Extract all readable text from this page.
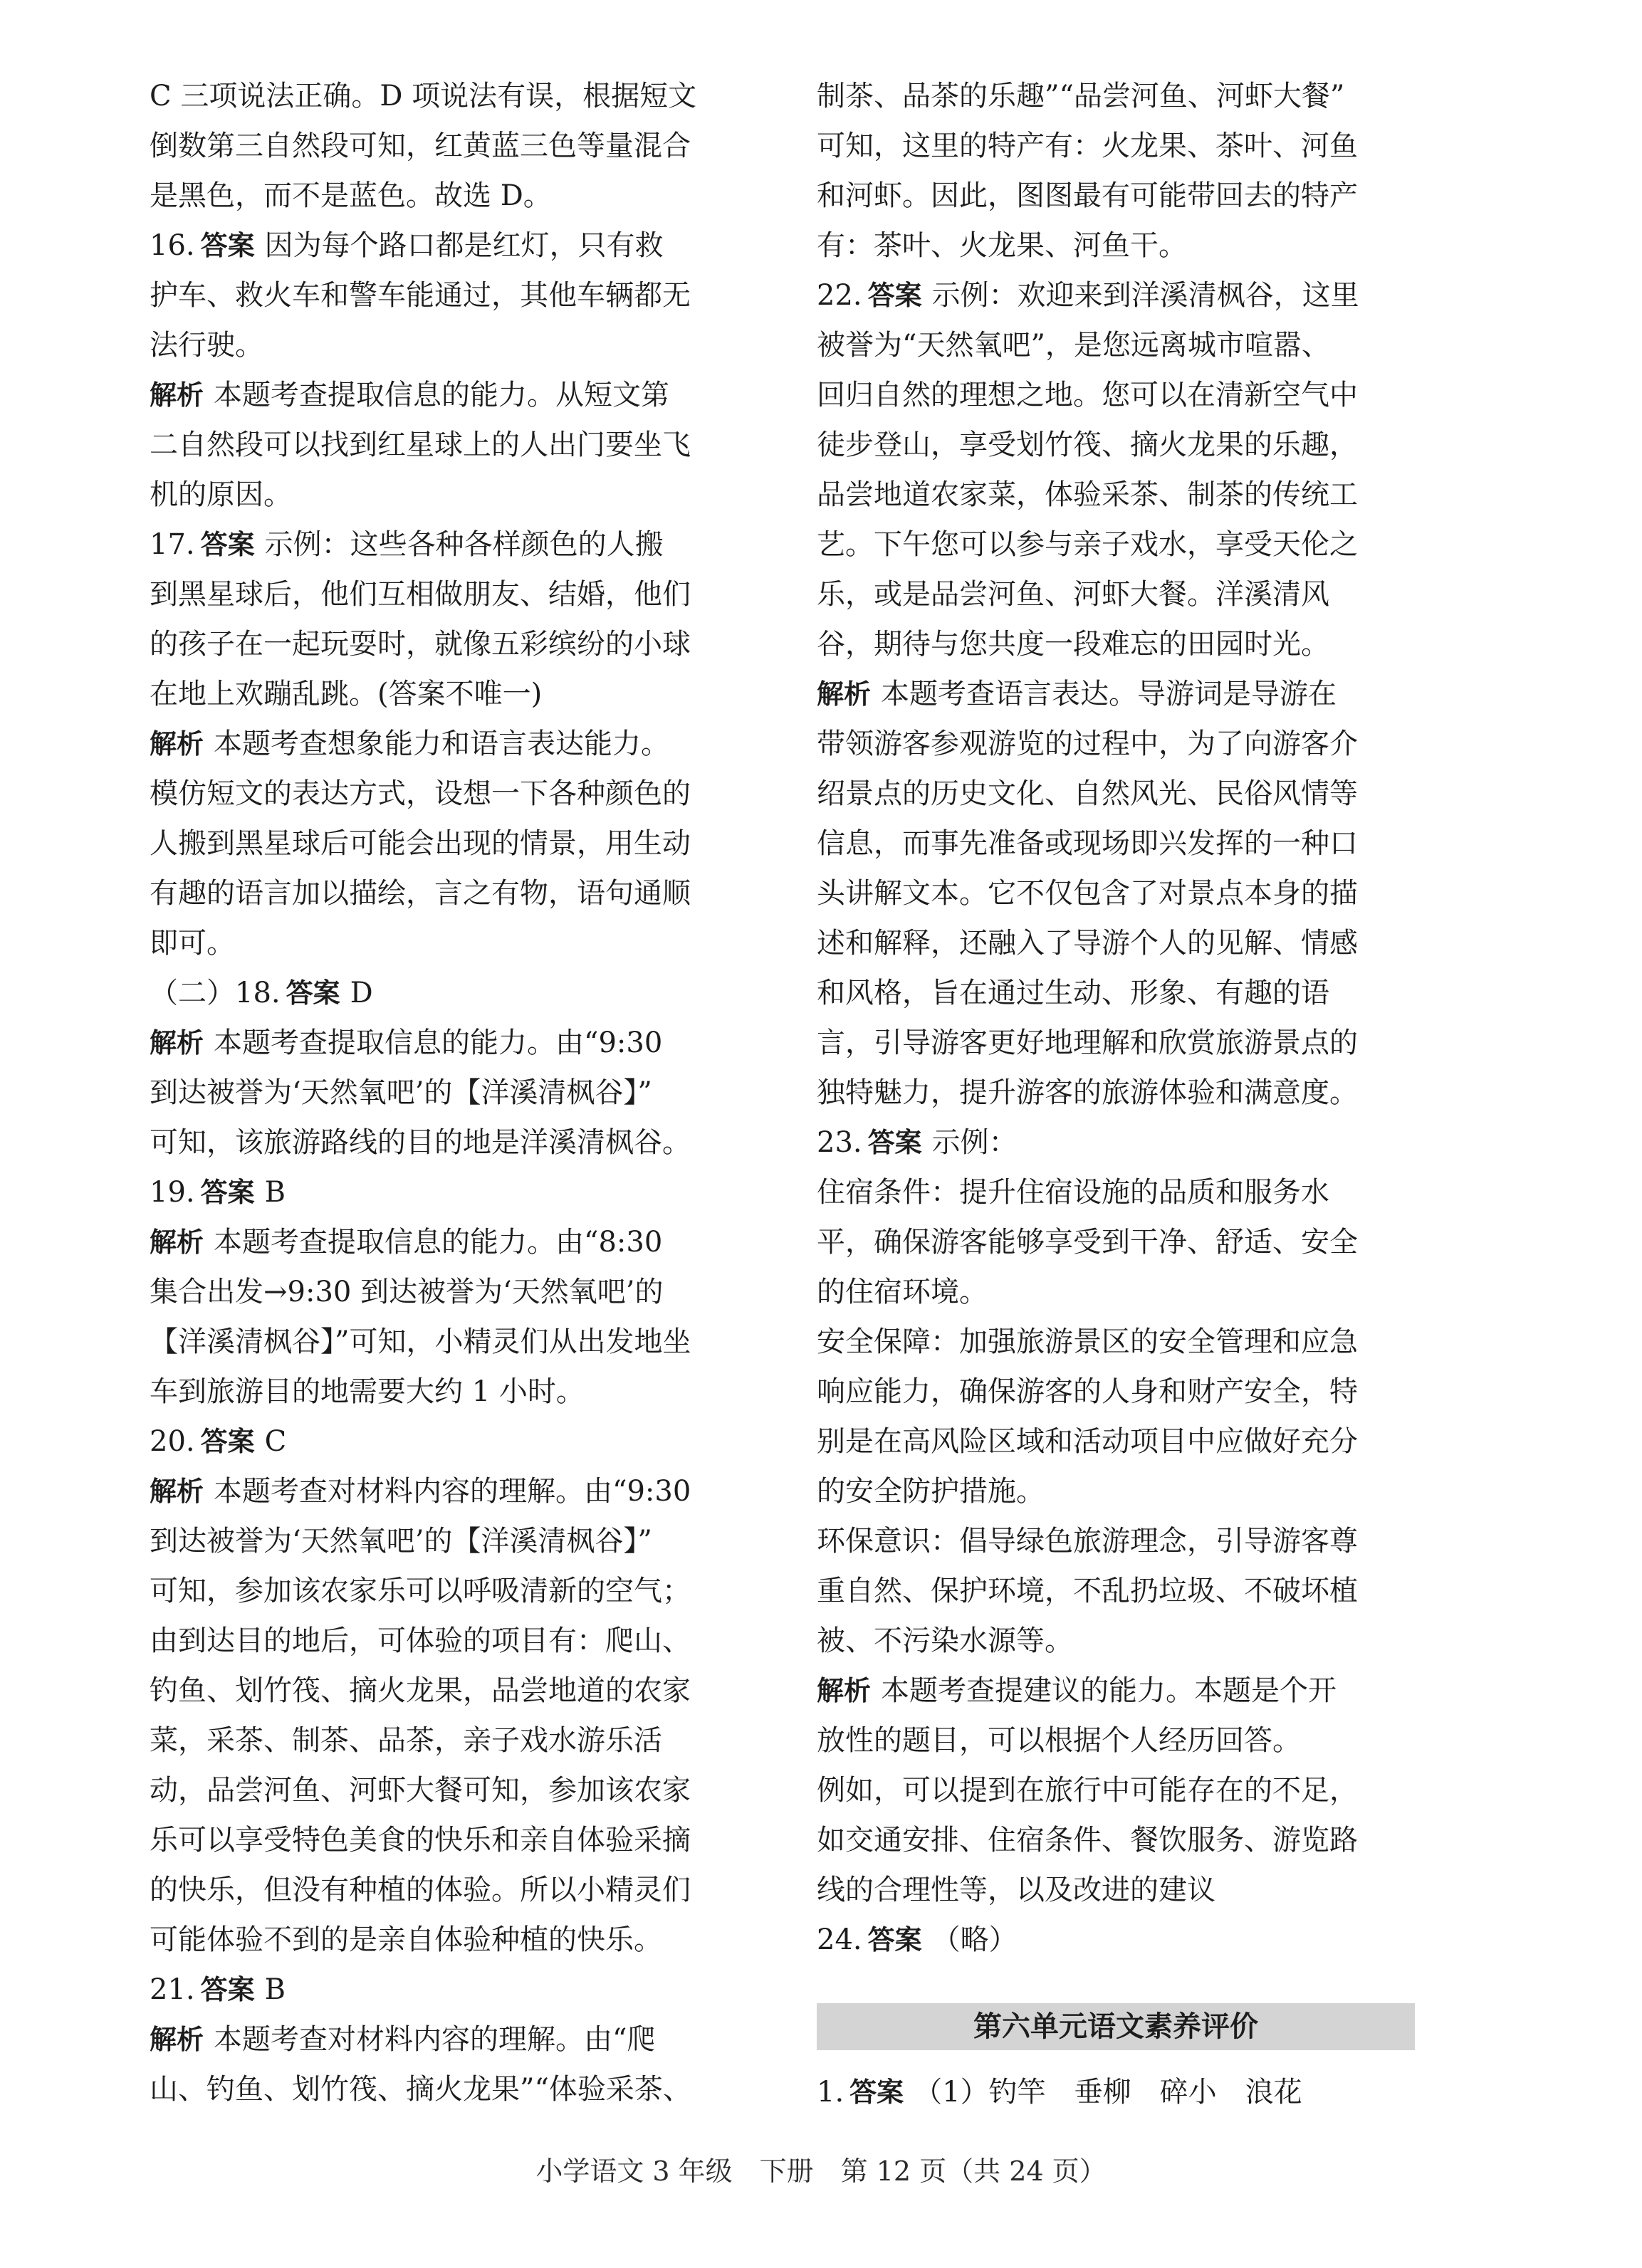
C 三项说法正确。D 项说法有误，根据短文
倒数第三自然段可知，红黄蓝三色等量混合
是黑色，而不是蓝色。故选 D。
16. 答案 因为每个路口都是红灯，只有救
护车、救火车和警车能通过，其他车辆都无
法行驶。
解析 本题考查提取信息的能力。从短文第
二自然段可以找到红星球上的人出门要坐飞
机的原因。
17. 答案 示例：这些各种各样颜色的人搬
到黑星球后，他们互相做朋友、结婚，他们
的孩子在一起玩耍时，就像五彩缤纷的小球
在地上欢蹦乱跳。(答案不唯一)
解析 本题考查想象能力和语言表达能力。
模仿短文的表达方式，设想一下各种颜色的
人搬到黑星球后可能会出现的情景，用生动
有趣的语言加以描绘，言之有物，语句通顺
即可。
（二）18. 答案 D
解析 本题考查提取信息的能力。由“9:30
到达被誉为‘天然氧吧’的【洋溪清枫谷】”
可知，该旅游路线的目的地是洋溪清枫谷。
19. 答案 B
解析 本题考查提取信息的能力。由“8:30
集合出发→9:30 到达被誉为‘天然氧吧’的
【洋溪清枫谷】”可知，小精灵们从出发地坐
车到旅游目的地需要大约 1 小时。
20. 答案 C
解析 本题考查对材料内容的理解。由“9:30
到达被誉为‘天然氧吧’的【洋溪清枫谷】”
可知，参加该农家乐可以呼吸清新的空气；
由到达目的地后，可体验的项目有：爬山、
钓鱼、划竹筏、摘火龙果，品尝地道的农家
菜，采茶、制茶、品茶，亲子戏水游乐活
动，品尝河鱼、河虾大餐可知，参加该农家
乐可以享受特色美食的快乐和亲自体验采摘
的快乐，但没有种植的体验。所以小精灵们
可能体验不到的是亲自体验种植的快乐。
21. 答案 B
解析 本题考查对材料内容的理解。由“爬
山、钓鱼、划竹筏、摘火龙果”“体验采茶、
制茶、品茶的乐趣”“品尝河鱼、河虾大餐”
可知，这里的特产有：火龙果、茶叶、河鱼
和河虾。因此，图图最有可能带回去的特产
有：茶叶、火龙果、河鱼干。
22. 答案 示例：欢迎来到洋溪清枫谷，这里
被誉为“天然氧吧”，是您远离城市喧嚣、
回归自然的理想之地。您可以在清新空气中
徒步登山，享受划竹筏、摘火龙果的乐趣，
品尝地道农家菜，体验采茶、制茶的传统工
艺。下午您可以参与亲子戏水，享受天伦之
乐，或是品尝河鱼、河虾大餐。洋溪清风
谷，期待与您共度一段难忘的田园时光。
解析 本题考查语言表达。导游词是导游在
带领游客参观游览的过程中，为了向游客介
绍景点的历史文化、自然风光、民俗风情等
信息，而事先准备或现场即兴发挥的一种口
头讲解文本。它不仅包含了对景点本身的描
述和解释，还融入了导游个人的见解、情感
和风格，旨在通过生动、形象、有趣的语
言，引导游客更好地理解和欣赏旅游景点的
独特魅力，提升游客的旅游体验和满意度。
23. 答案 示例：
住宿条件：提升住宿设施的品质和服务水
平，确保游客能够享受到干净、舒适、安全
的住宿环境。
安全保障：加强旅游景区的安全管理和应急
响应能力，确保游客的人身和财产安全，特
别是在高风险区域和活动项目中应做好充分
的安全防护措施。
环保意识：倡导绿色旅游理念，引导游客尊
重自然、保护环境，不乱扔垃圾、不破坏植
被、不污染水源等。
解析 本题考查提建议的能力。本题是个开
放性的题目，可以根据个人经历回答。
例如，可以提到在旅行中可能存在的不足，
如交通安排、住宿条件、餐饮服务、游览路
线的合理性等，以及改进的建议
24. 答案 （略）
第六单元语文素养评价
1. 答案 （1）钓竿　垂柳　碎小　浪花
小学语文 3 年级　下册　第 12 页（共 24 页）
